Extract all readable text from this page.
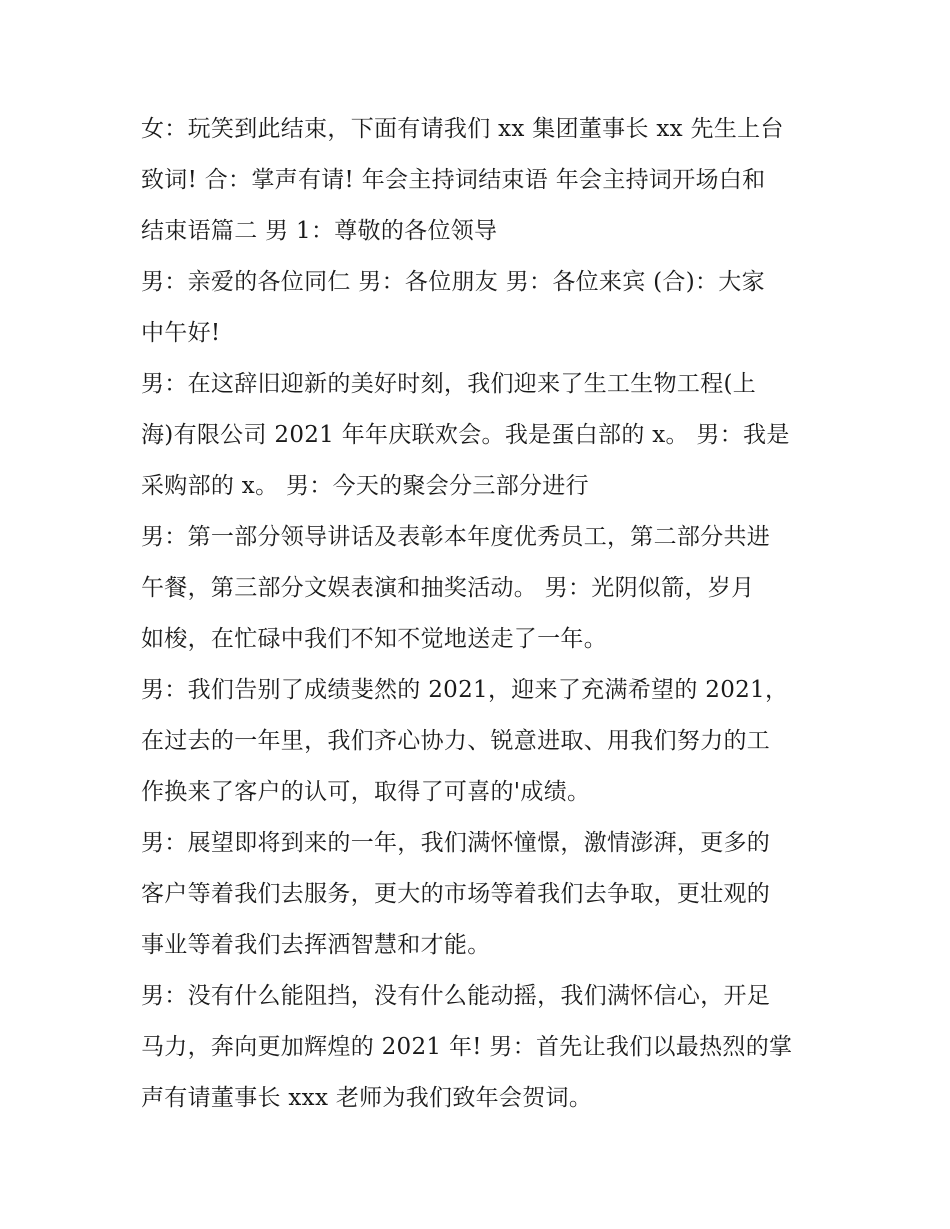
女：玩笑到此结束，下面有请我们 xx 集团董事长 xx 先生上台
致词! 合：掌声有请! 年会主持词结束语 年会主持词开场白和
结束语篇二 男 1：尊敬的各位领导
男：亲爱的各位同仁 男：各位朋友 男：各位来宾 (合)：大家
中午好!
男：在这辞旧迎新的美好时刻，我们迎来了生工生物工程(上
海)有限公司 2021 年年庆联欢会。我是蛋白部的 x。 男：我是
采购部的 x。 男：今天的聚会分三部分进行
男：第一部分领导讲话及表彰本年度优秀员工，第二部分共进
午餐，第三部分文娱表演和抽奖活动。 男：光阴似箭，岁月
如梭，在忙碌中我们不知不觉地送走了一年。
男：我们告别了成绩斐然的 2021，迎来了充满希望的 2021，
在过去的一年里，我们齐心协力、锐意进取、用我们努力的工
作换来了客户的认可，取得了可喜的'成绩。
男：展望即将到来的一年，我们满怀憧憬，激情澎湃，更多的
客户等着我们去服务，更大的市场等着我们去争取，更壮观的
事业等着我们去挥洒智慧和才能。
男：没有什么能阻挡，没有什么能动摇，我们满怀信心，开足
马力，奔向更加辉煌的 2021 年! 男：首先让我们以最热烈的掌
声有请董事长 xxx 老师为我们致年会贺词。
